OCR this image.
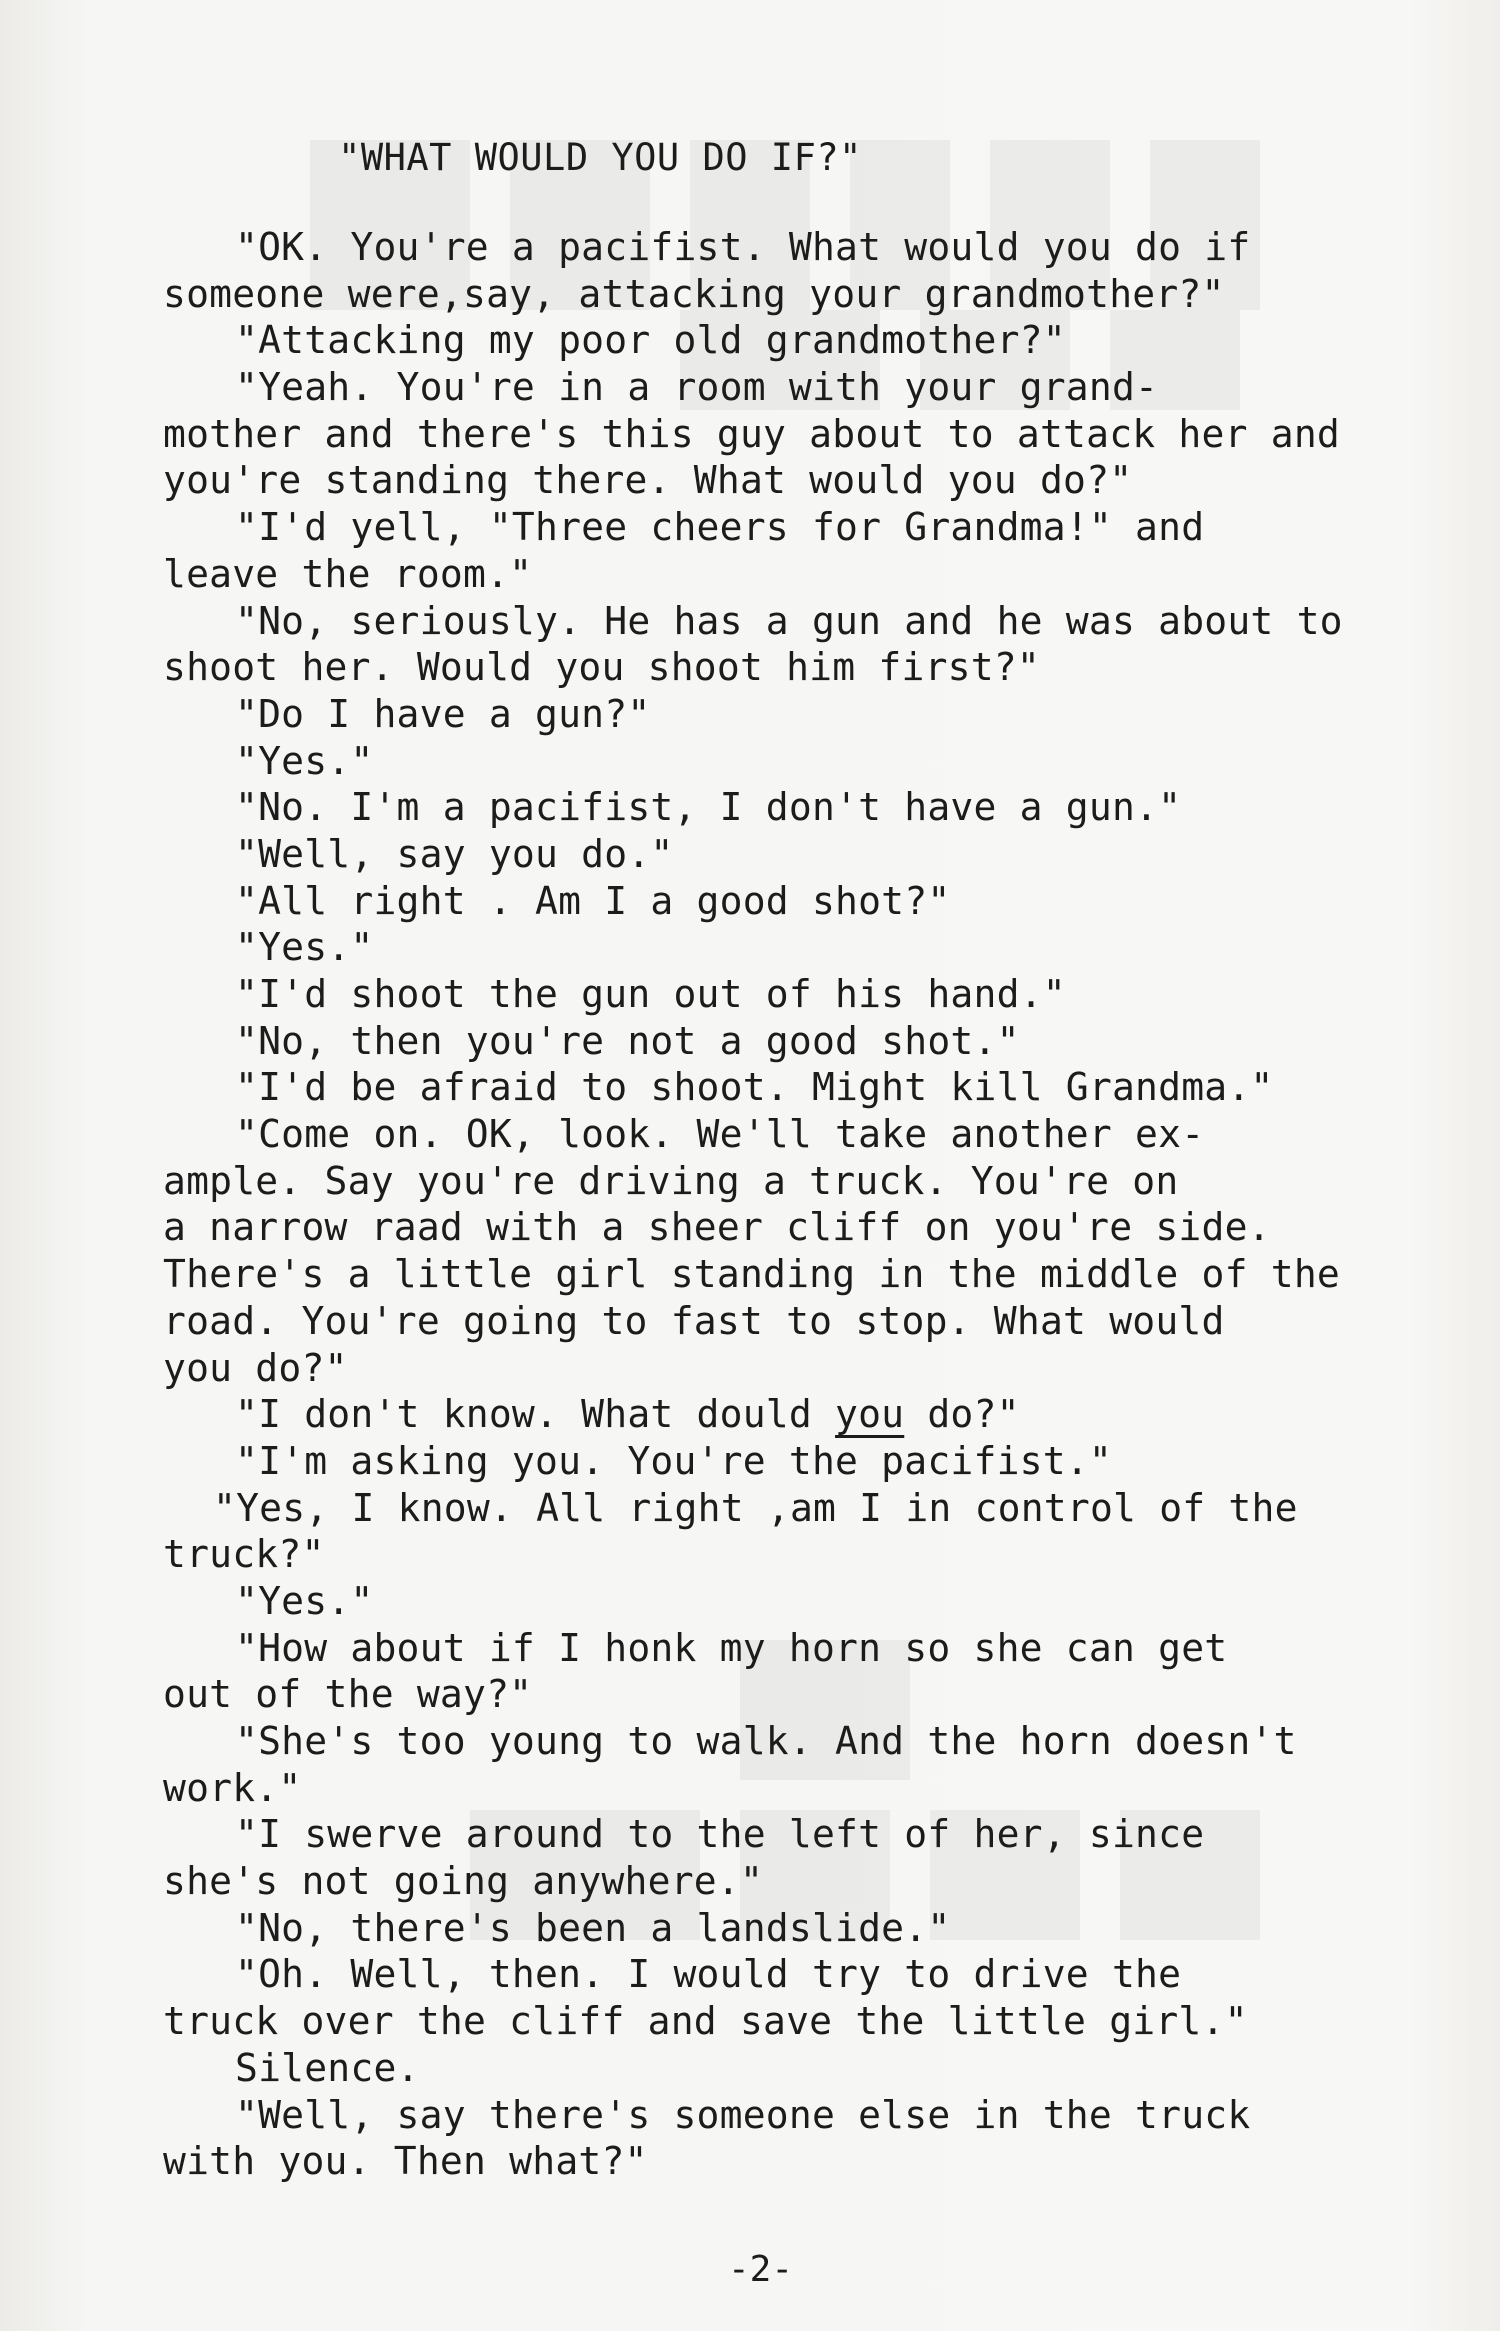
"WHAT WOULD YOU DO IF?"
"OK. You're a pacifist. What would you do if
someone were,say, attacking your grandmother?"
"Attacking my poor old grandmother?"
"Yeah. You're in a room with your grand-
mother and there's this guy about to attack her and
you're standing there. What would you do?"
"I'd yell, "Three cheers for Grandma!" and
leave the room."
"No, seriously. He has a gun and he was about to
shoot her. Would you shoot him first?"
"Do I have a gun?"
"Yes."
"No. I'm a pacifist, I don't have a gun."
"Well, say you do."
"All right . Am I a good shot?"
"Yes."
"I'd shoot the gun out of his hand."
"No, then you're not a good shot."
"I'd be afraid to shoot. Might kill Grandma."
"Come on. OK, look. We'll take another ex-
ample. Say you're driving a truck. You're on
a narrow raad with a sheer cliff on you're side.
There's a little girl standing in the middle of the
road. You're going to fast to stop. What would
you do?"
"I don't know. What dould you do?"
"I'm asking you. You're the pacifist."
"Yes, I know. All right ,am I in control of the
truck?"
"Yes."
"How about if I honk my horn so she can get
out of the way?"
"She's too young to walk. And the horn doesn't
work."
"I swerve around to the left of her, since
she's not going anywhere."
"No, there's been a landslide."
"Oh. Well, then. I would try to drive the
truck over the cliff and save the little girl."
Silence.
"Well, say there's someone else in the truck
with you. Then what?"
-2-
